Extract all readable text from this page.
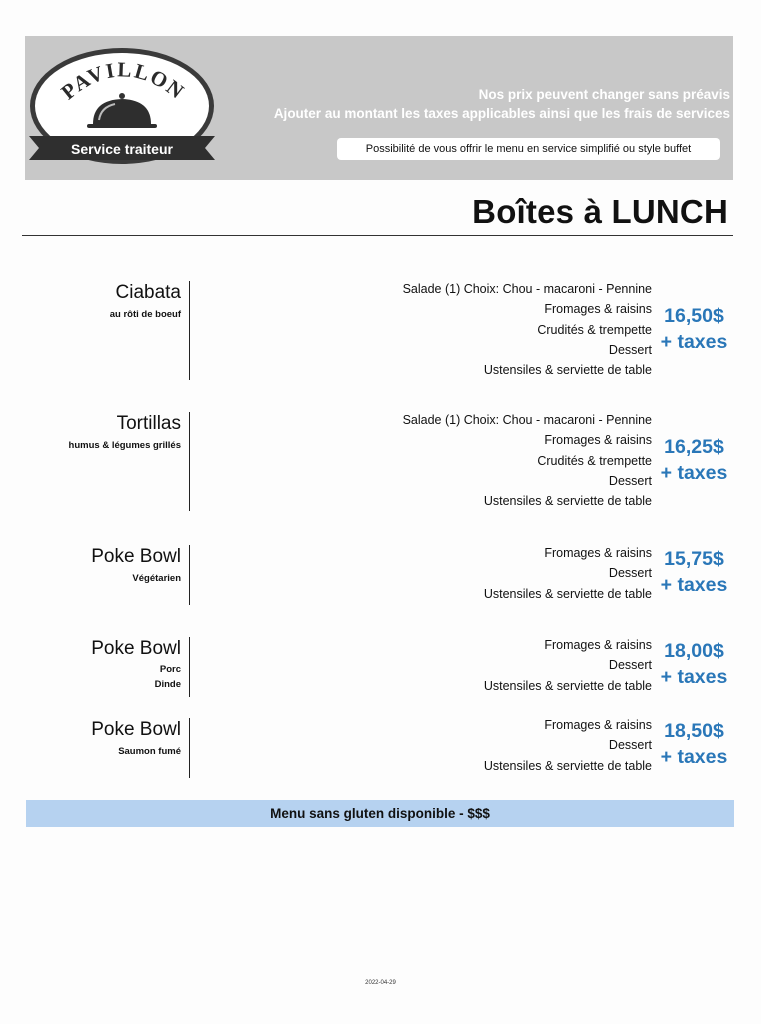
PAVILLON
Service traiteur
Nos prix peuvent changer sans préavis
Ajouter au montant les taxes applicables ainsi que les frais de services
Possibilité de vous offrir le menu en service simplifié ou style buffet
Boîtes à LUNCH
Ciabata
au rôti de boeuf
Salade (1) Choix: Chou - macaroni - Pennine
Fromages & raisins
Crudités & trempette
Dessert
Ustensiles & serviette de table
16,50$
+ taxes
Tortillas
humus & légumes grillés
Salade (1) Choix: Chou - macaroni - Pennine
Fromages & raisins
Crudités & trempette
Dessert
Ustensiles & serviette de table
16,25$
+ taxes
Poke Bowl
Végétarien
Fromages & raisins
Dessert
Ustensiles & serviette de table
15,75$
+ taxes
Poke Bowl
Porc
Dinde
Fromages & raisins
Dessert
Ustensiles & serviette de table
18,00$
+ taxes
Poke Bowl
Saumon fumé
Fromages & raisins
Dessert
Ustensiles & serviette de table
18,50$
+ taxes
Menu sans gluten disponible - $$$
2022-04-29
